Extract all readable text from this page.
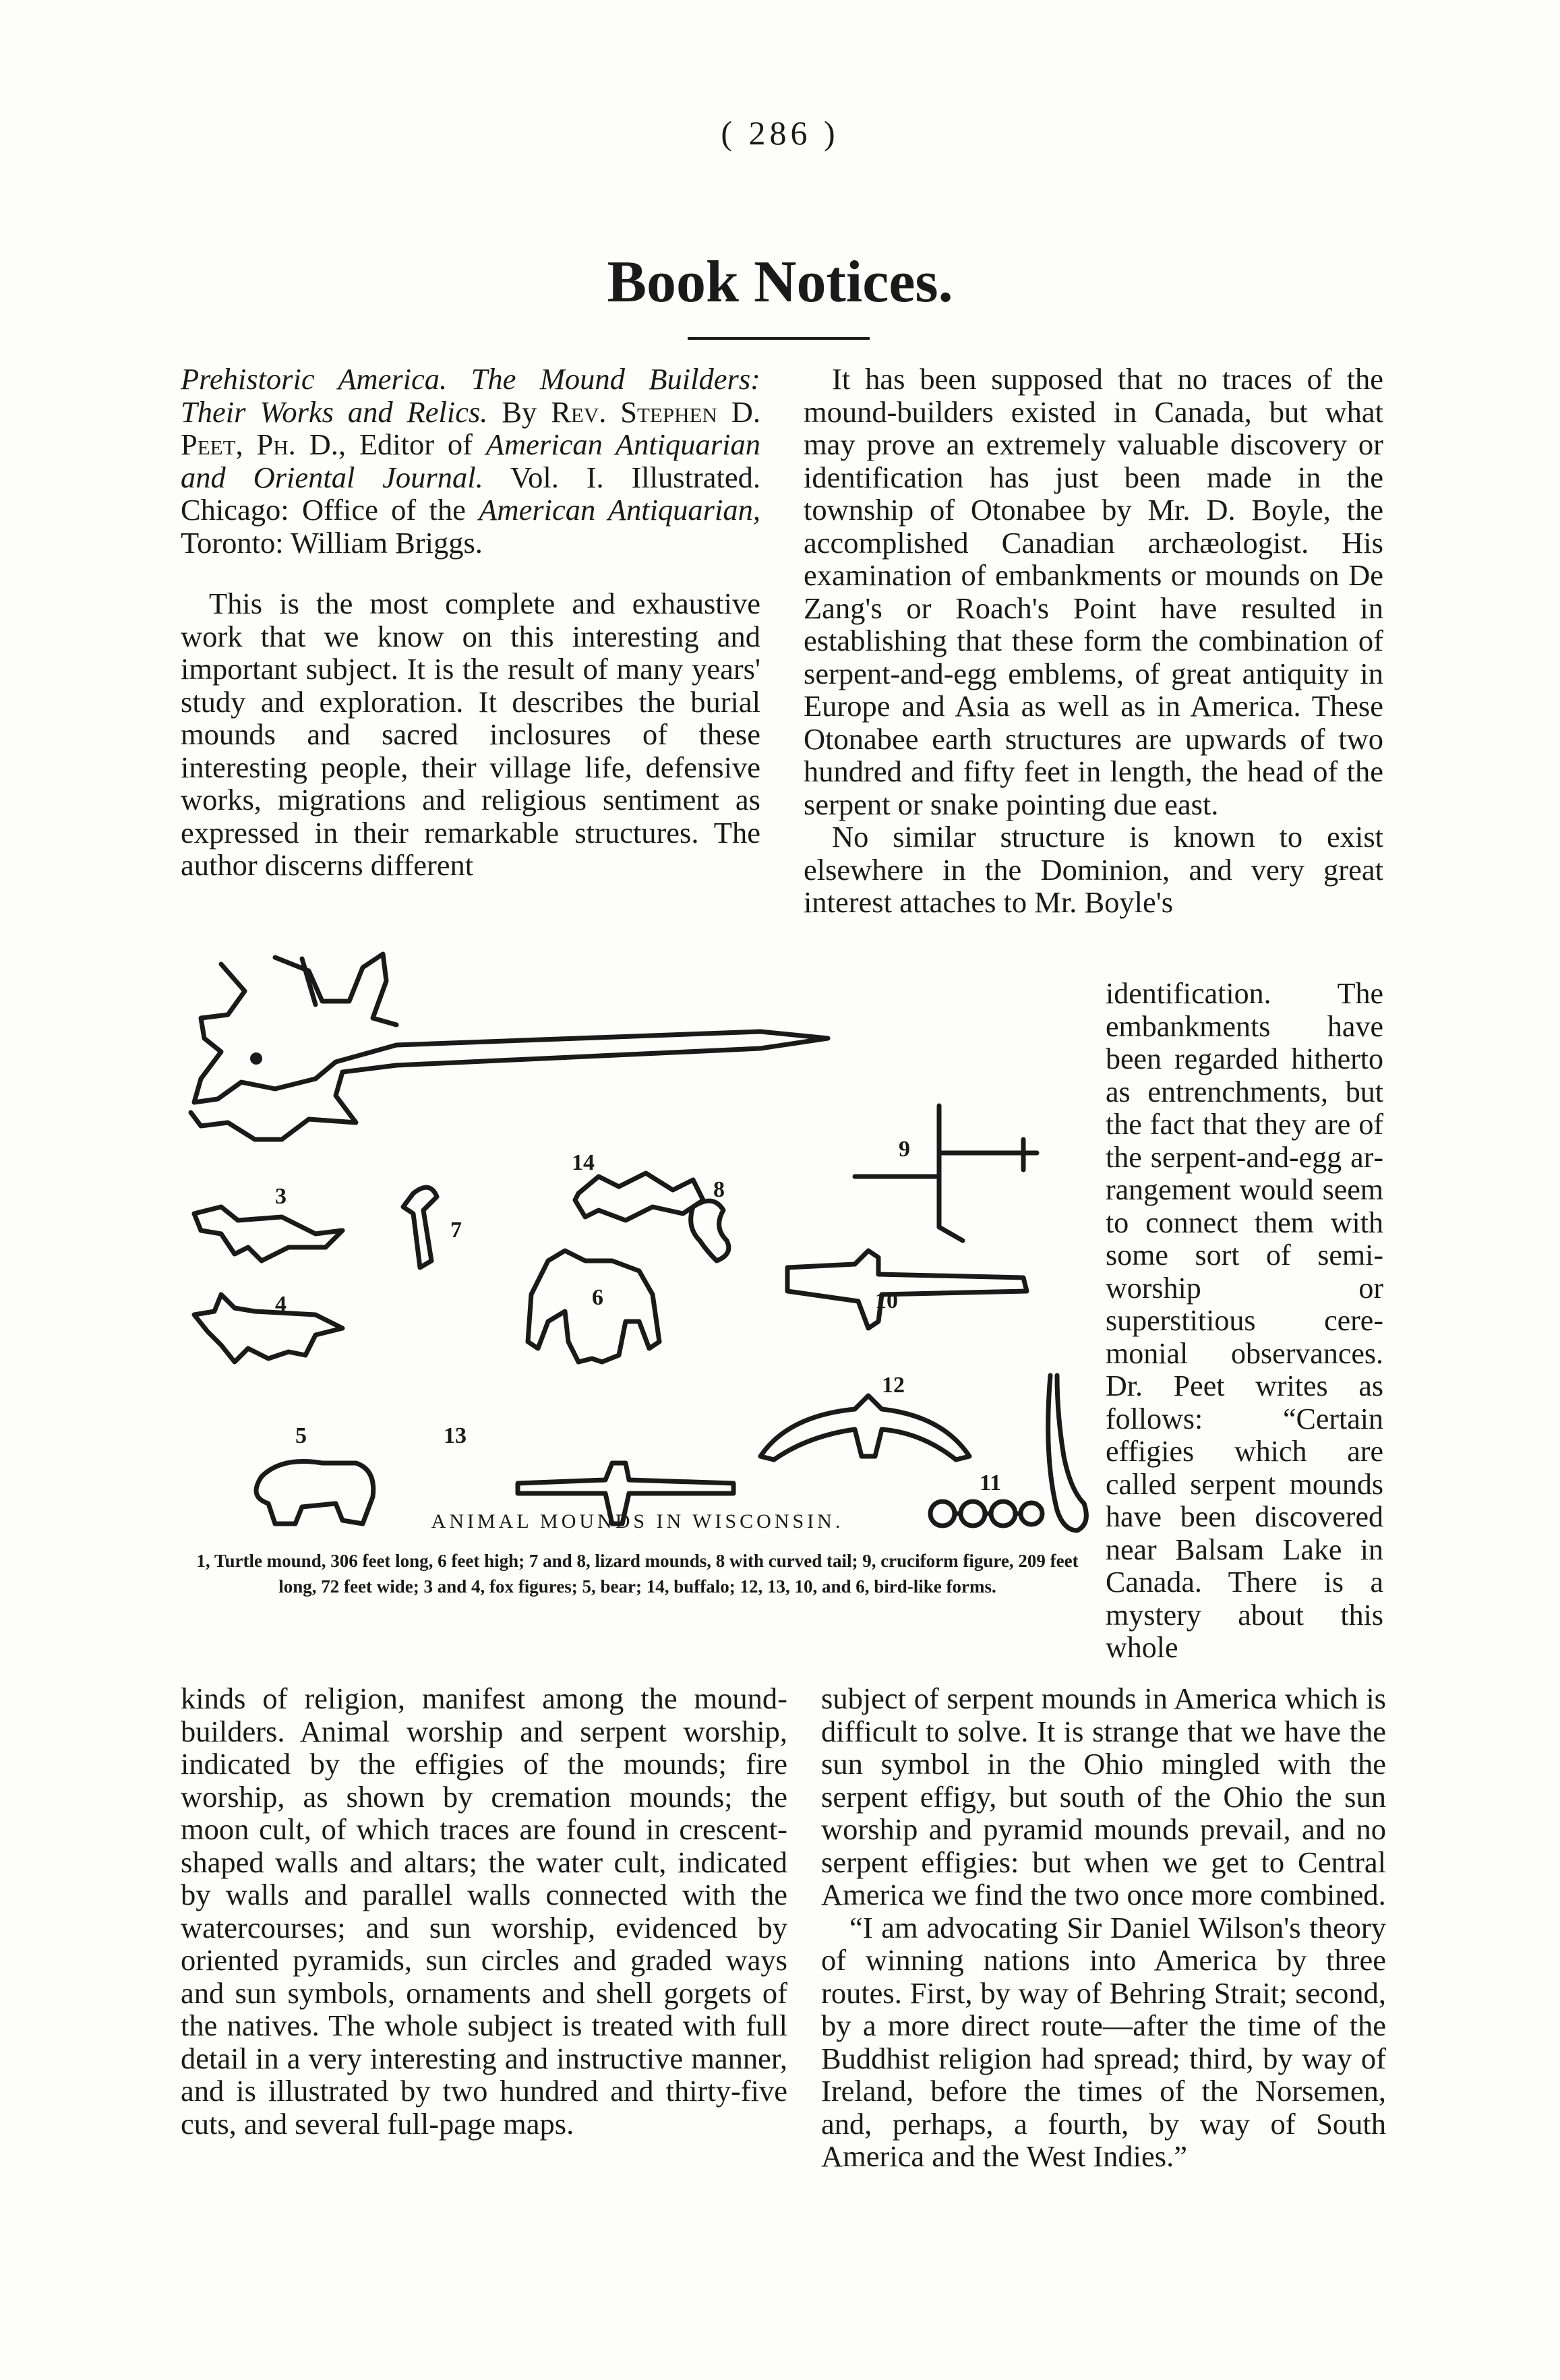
( 286 )
Book Notices.

Prehistoric America. The Mound Builders: Their Works and Relics. By Rev. Stephen D. Peet, Ph. D., Editor of American Antiquarian and Oriental Journal. Vol. I. Illustrated. Chicago: Office of the American Antiquarian, Toronto: William Briggs.

This is the most complete and exhaustive work that we know on this interesting and important subject. It is the result of many years' study and exploration. It describes the burial mounds and sacred inclosures of these interesting people, their village life, defensive works, migrations and religious sentiment as expressed in their remarkable structures. The author discerns different

It has been supposed that no traces of the mound-builders existed in Canada, but what may prove an extremely valuable discovery or identification has just been made in the township of Otonabee by Mr. D. Boyle, the accomplished Canadian archæologist. His examination of embankments or mounds on De Zang's or Roach's Point have resulted in establishing that these form the combination of serpent-and-egg emblems, of great antiquity in Europe and Asia as well as in America. These Otonabee earth structures are upwards of two hundred and fifty feet in length, the head of the serpent or snake pointing due east.

No similar structure is known to exist elsewhere in the Dominion, and very great interest attaches to Mr. Boyle's

identification. The embankments have been regarded hitherto as entrenchments, but the fact that they are of the serpent-and-egg arrangement would seem to connect them with some sort of semi-worship or superstitious ceremonial observances. Dr. Peet writes as follows: “Certain effigies which are called serpent mounds have been discovered near Balsam Lake in Canada. There is a mystery about this whole

14
9
3	8
7
4	6	10
12
5	13
11
1
ANIMAL MOUNDS IN WISCONSIN.
1, Turtle mound, 306 feet long, 6 feet high; 7 and 8, lizard mounds, 8 with curved tail; 9, cruciform figure, 209 feet long, 72 feet wide; 3 and 4, fox figures; 5, bear; 14, buffalo; 12, 13, 10, and 6, bird-like forms.

kinds of religion, manifest among the mound-builders. Animal worship and serpent worship, indicated by the effigies of the mounds; fire worship, as shown by cremation mounds; the moon cult, of which traces are found in crescent-shaped walls and altars; the water cult, indicated by walls and parallel walls connected with the watercourses; and sun worship, evidenced by oriented pyramids, sun circles and graded ways and sun symbols, ornaments and shell gorgets of the natives. The whole subject is treated with full detail in a very interesting and instructive manner, and is illustrated by two hundred and thirty-five cuts, and several full-page maps.

subject of serpent mounds in America which is difficult to solve. It is strange that we have the sun symbol in the Ohio mingled with the serpent effigy, but south of the Ohio the sun worship and pyramid mounds prevail, and no serpent effigies: but when we get to Central America we find the two once more combined.

“I am advocating Sir Daniel Wilson's theory of winning nations into America by three routes. First, by way of Behring Strait; second, by a more direct route—after the time of the Buddhist religion had spread; third, by way of Ireland, before the times of the Norsemen, and, perhaps, a fourth, by way of South America and the West Indies.”
